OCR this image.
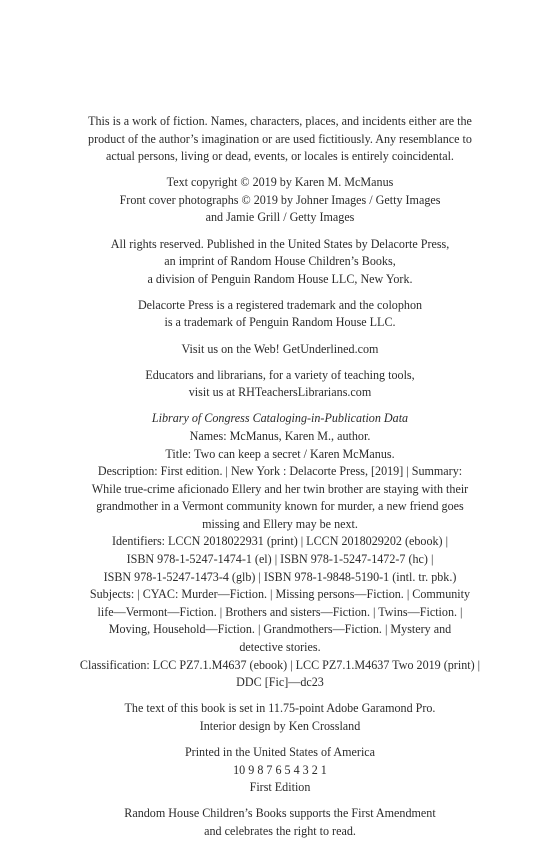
This is a work of fiction. Names, characters, places, and incidents either are the
product of the author’s imagination or are used fictitiously. Any resemblance to
actual persons, living or dead, events, or locales is entirely coincidental.
Text copyright © 2019 by Karen M. McManus
Front cover photographs © 2019 by Johner Images / Getty Images
and Jamie Grill / Getty Images
All rights reserved. Published in the United States by Delacorte Press,
an imprint of Random House Children’s Books,
a division of Penguin Random House LLC, New York.
Delacorte Press is a registered trademark and the colophon
is a trademark of Penguin Random House LLC.
Visit us on the Web! GetUnderlined.com
Educators and librarians, for a variety of teaching tools,
visit us at RHTeachersLibrarians.com
Library of Congress Cataloging-in-Publication Data
Names: McManus, Karen M., author.
Title: Two can keep a secret / Karen McManus.
Description: First edition. | New York : Delacorte Press, [2019] | Summary:
While true-crime aficionado Ellery and her twin brother are staying with their
grandmother in a Vermont community known for murder, a new friend goes
missing and Ellery may be next.
Identifiers: LCCN 2018022931 (print) | LCCN 2018029202 (ebook) |
ISBN 978-1-5247-1474-1 (el) | ISBN 978-1-5247-1472-7 (hc) |
ISBN 978-1-5247-1473-4 (glb) | ISBN 978-1-9848-5190-1 (intl. tr. pbk.)
Subjects: | CYAC: Murder—Fiction. | Missing persons—Fiction. | Community
life—Vermont—Fiction. | Brothers and sisters—Fiction. | Twins—Fiction. |
Moving, Household—Fiction. | Grandmothers—Fiction. | Mystery and
detective stories.
Classification: LCC PZ7.1.M4637 (ebook) | LCC PZ7.1.M4637 Two 2019 (print) |
DDC [Fic]—dc23
The text of this book is set in 11.75-point Adobe Garamond Pro.
Interior design by Ken Crossland
Printed in the United States of America
10 9 8 7 6 5 4 3 2 1
First Edition
Random House Children’s Books supports the First Amendment
and celebrates the right to read.
